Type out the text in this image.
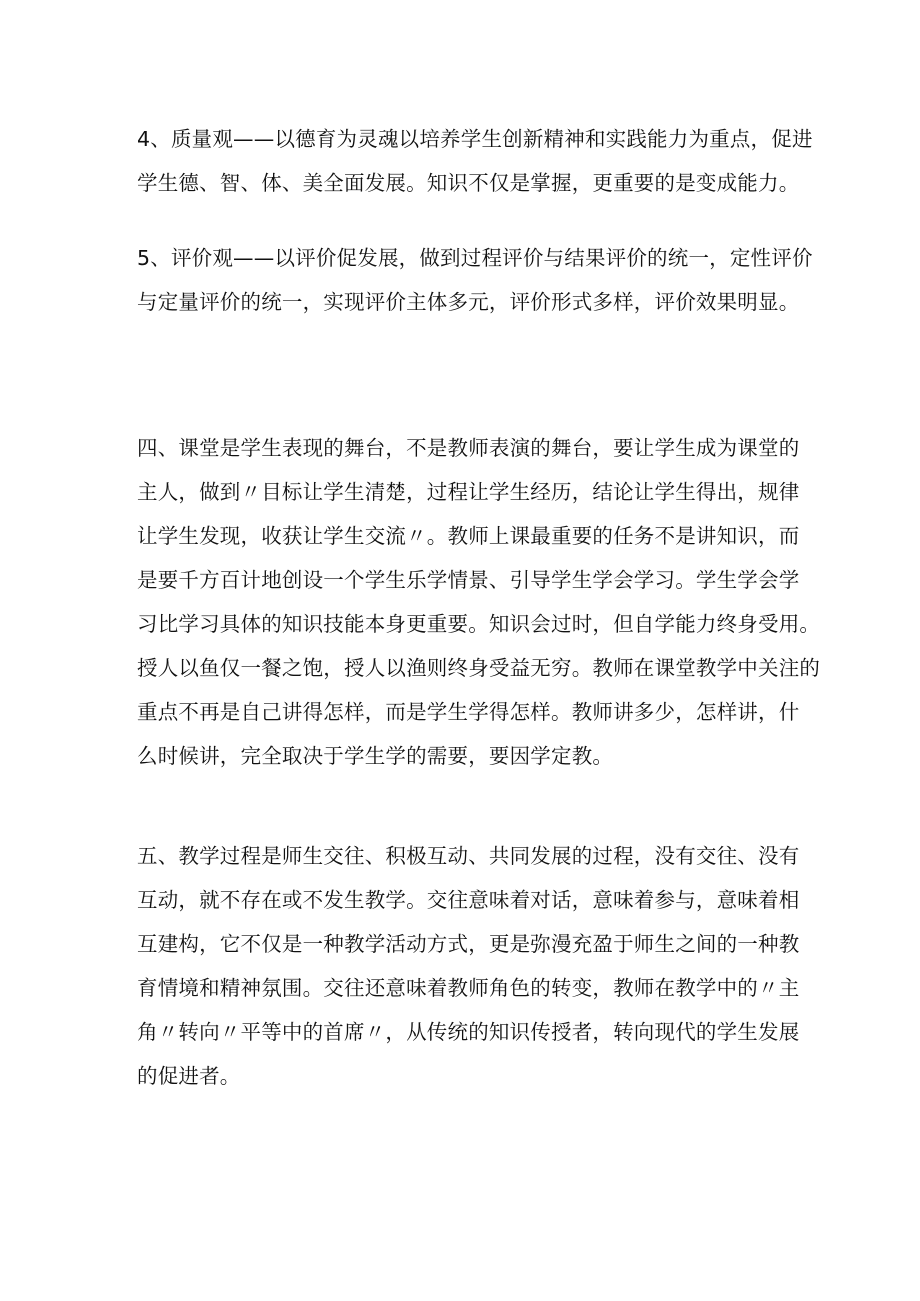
4、质量观——以德育为灵魂以培养学生创新精神和实践能力为重点，促进
学生德、智、体、美全面发展。知识不仅是掌握，更重要的是变成能力。

5、评价观——以评价促发展，做到过程评价与结果评价的统一，定性评价
与定量评价的统一，实现评价主体多元，评价形式多样，评价效果明显。

四、课堂是学生表现的舞台，不是教师表演的舞台，要让学生成为课堂的
主人，做到〃目标让学生清楚，过程让学生经历，结论让学生得出，规律
让学生发现，收获让学生交流〃。教师上课最重要的任务不是讲知识，而
是要千方百计地创设一个学生乐学情景、引导学生学会学习。学生学会学
习比学习具体的知识技能本身更重要。知识会过时，但自学能力终身受用。
授人以鱼仅一餐之饱，授人以渔则终身受益无穷。教师在课堂教学中关注的
重点不再是自己讲得怎样，而是学生学得怎样。教师讲多少，怎样讲，什
么时候讲，完全取决于学生学的需要，要因学定教。

五、教学过程是师生交往、积极互动、共同发展的过程，没有交往、没有
互动，就不存在或不发生教学。交往意味着对话，意味着参与，意味着相
互建构，它不仅是一种教学活动方式，更是弥漫充盈于师生之间的一种教
育情境和精神氛围。交往还意味着教师角色的转变，教师在教学中的〃主
角〃转向〃平等中的首席〃，从传统的知识传授者，转向现代的学生发展
的促进者。
